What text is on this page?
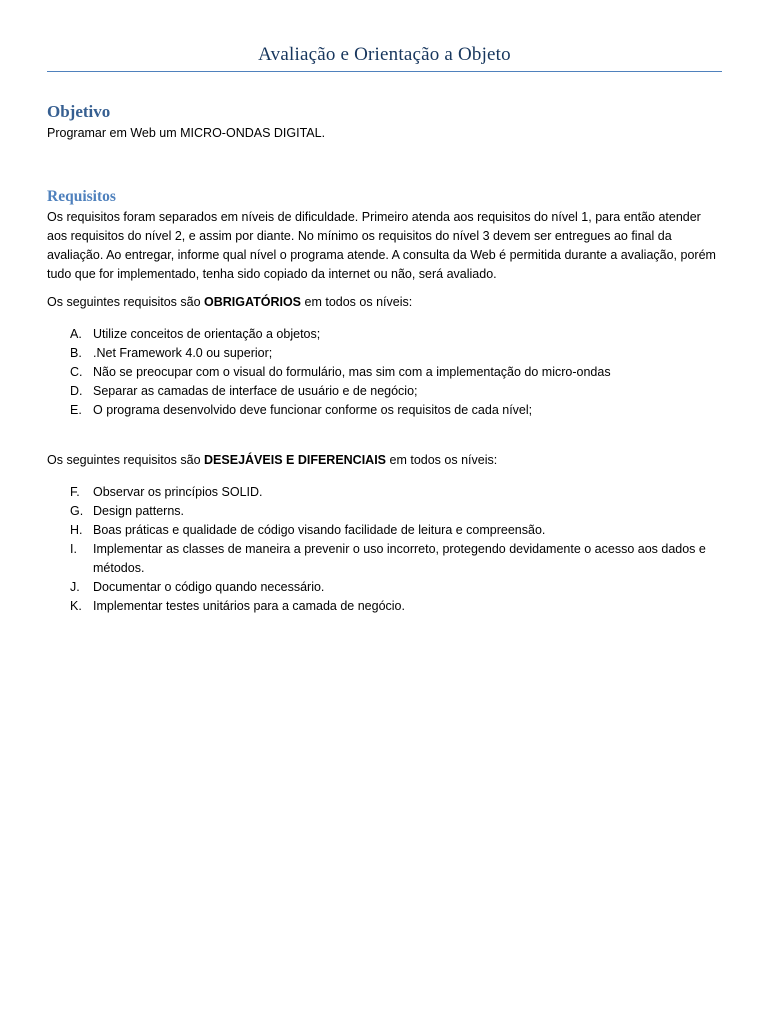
Avaliação e Orientação a Objeto
Objetivo

Programar em Web um MICRO-ONDAS DIGITAL.

Requisitos

Os requisitos foram separados em níveis de dificuldade. Primeiro atenda aos requisitos do nível 1, para então atender aos requisitos do nível 2, e assim por diante. No mínimo os requisitos do nível 3 devem ser entregues ao final da avaliação. Ao entregar, informe qual nível o programa atende. A consulta da Web é permitida durante a avaliação, porém tudo que for implementado, tenha sido copiado da internet ou não, será avaliado.

Os seguintes requisitos são OBRIGATÓRIOS em todos os níveis:

A. Utilize conceitos de orientação a objetos;
B. .Net Framework 4.0 ou superior;
C. Não se preocupar com o visual do formulário, mas sim com a implementação do micro-ondas
D. Separar as camadas de interface de usuário e de negócio;
E. O programa desenvolvido deve funcionar conforme os requisitos de cada nível;

Os seguintes requisitos são DESEJÁVEIS E DIFERENCIAIS em todos os níveis:

F.	Observar os princípios SOLID.
G. Design patterns.
H. Boas práticas e qualidade de código visando facilidade de leitura e compreensão.
I.	Implementar as classes de maneira a prevenir o uso incorreto, protegendo devidamente o acesso aos dados e métodos.
J.	Documentar o código quando necessário.
K. Implementar testes unitários para a camada de negócio.
